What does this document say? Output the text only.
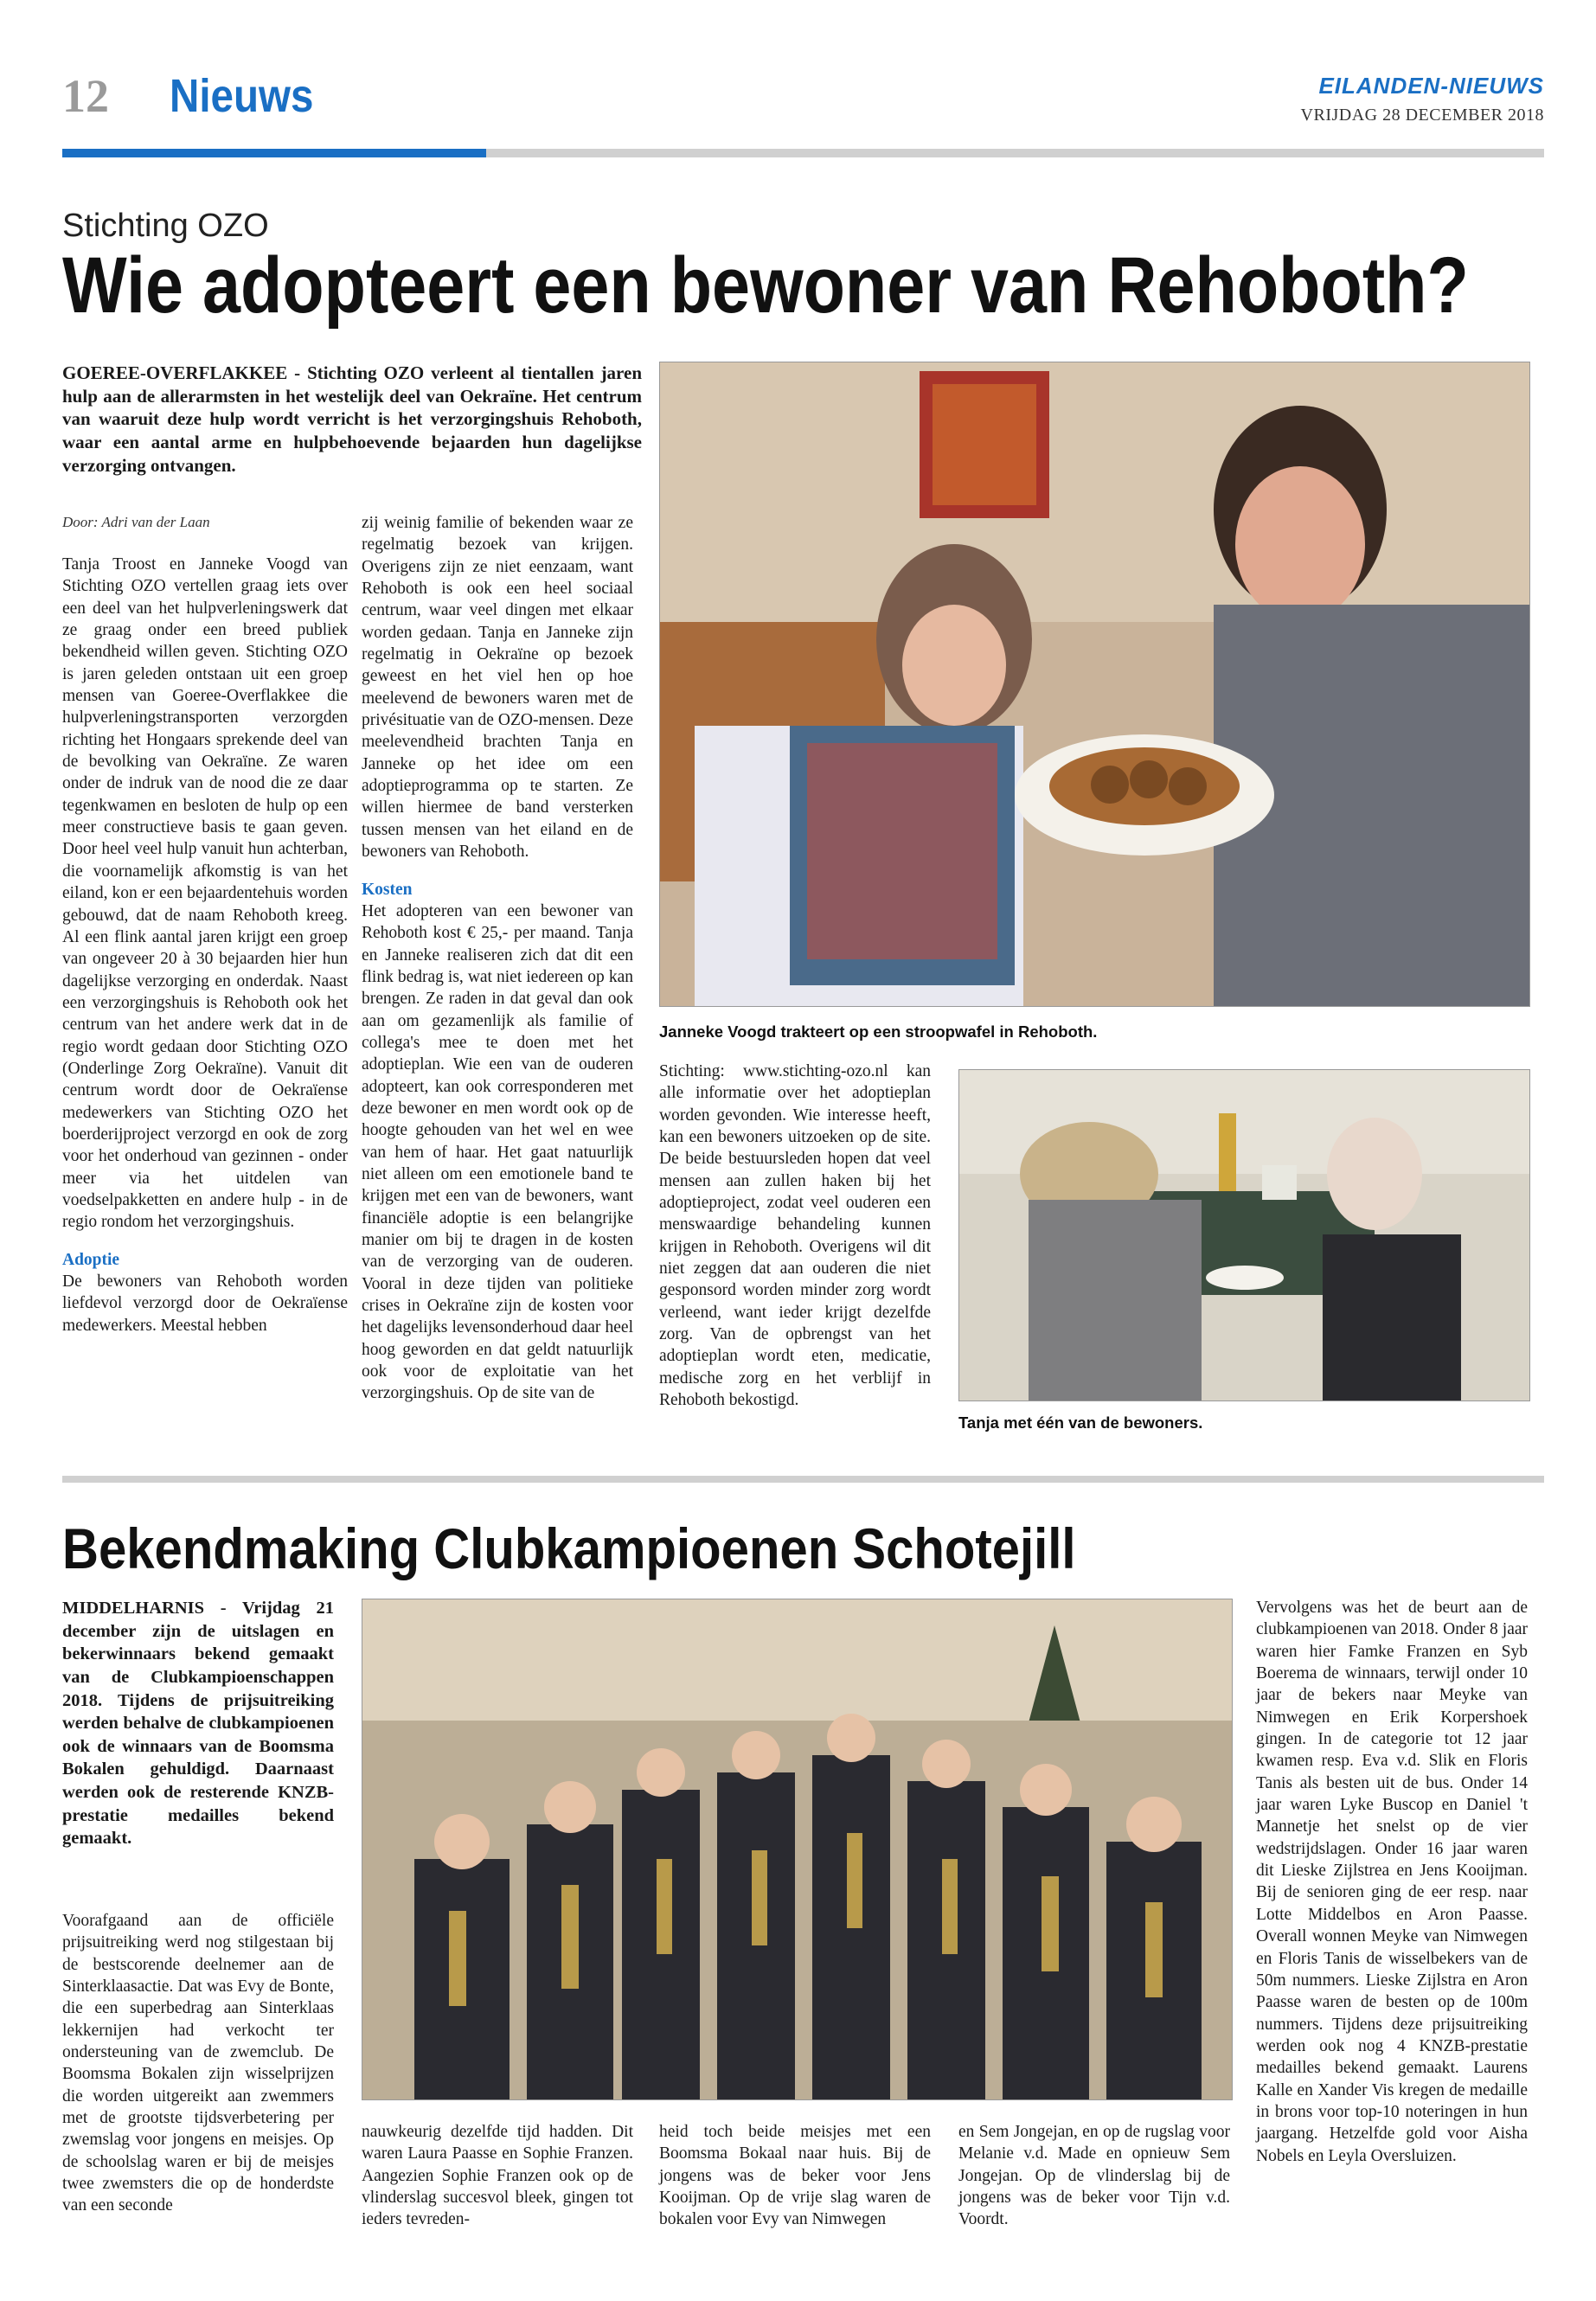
12 Nieuws	EILANDEN-NIEUWS
VRIJDAG 28 DECEMBER 2018
Stichting OZO
Wie adopteert een bewoner van Rehoboth?
GOEREE-OVERFLAKKEE - Stichting OZO verleent al tientallen jaren hulp aan de allerarmsten in het westelijk deel van Oekraïne. Het centrum van waaruit deze hulp wordt verricht is het verzorgingshuis Rehoboth, waar een aantal arme en hulpbehoevende bejaarden hun dagelijkse verzorging ontvangen.
Door: Adri van der Laan

Tanja Troost en Janneke Voogd van Stichting OZO vertellen graag iets over een deel van het hulpverleningswerk dat ze graag onder een breed publiek bekendheid willen geven. Stichting OZO is jaren geleden ontstaan uit een groep mensen van Goeree-Overflakkee die hulpverleningstransporten verzorgden richting het Hongaars sprekende deel van de bevolking van Oekraïne. Ze waren onder de indruk van de nood die ze daar tegenkwamen en besloten de hulp op een meer constructieve basis te gaan geven. Door heel veel hulp vanuit hun achterban, die voornamelijk afkomstig is van het eiland, kon er een bejaardentehuis worden gebouwd, dat de naam Rehoboth kreeg. Al een flink aantal jaren krijgt een groep van ongeveer 20 à 30 bejaarden hier hun dagelijkse verzorging en onderdak. Naast een verzorgingshuis is Rehoboth ook het centrum van het andere werk dat in de regio wordt gedaan door Stichting OZO (Onderlinge Zorg Oekraïne). Vanuit dit centrum wordt door de Oekraïense medewerkers van Stichting OZO het boerderijproject verzorgd en ook de zorg voor het onderhoud van gezinnen - onder meer via het uitdelen van voedselpakketten en andere hulp - in de regio rondom het verzorgingshuis.

Adoptie

De bewoners van Rehoboth worden liefdevol verzorgd door de Oekraïense medewerkers. Meestal hebben

zij weinig familie of bekenden waar ze regelmatig bezoek van krijgen. Overigens zijn ze niet eenzaam, want Rehoboth is ook een heel sociaal centrum, waar veel dingen met elkaar worden gedaan. Tanja en Janneke zijn regelmatig in Oekraïne op bezoek geweest en het viel hen op hoe meelevend de bewoners waren met de privésituatie van de OZO-mensen. Deze meelevendheid brachten Tanja en Janneke op het idee om een adoptieprogramma op te starten. Ze willen hiermee de band versterken tussen mensen van het eiland en de bewoners van Rehoboth.

Kosten

Het adopteren van een bewoner van Rehoboth kost € 25,- per maand. Tanja en Janneke realiseren zich dat dit een flink bedrag is, wat niet iedereen op kan brengen. Ze raden in dat geval dan ook aan om gezamenlijk als familie of collega's mee te doen met het adoptieplan. Wie een van de ouderen adopteert, kan ook corresponderen met deze bewoner en men wordt ook op de hoogte gehouden van het wel en wee van hem of haar. Het gaat natuurlijk niet alleen om een emotionele band te krijgen met een van de bewoners, want financiële adoptie is een belangrijke manier om bij te dragen in de kosten van de verzorging van de ouderen. Vooral in deze tijden van politieke crises in Oekraïne zijn de kosten voor het dagelijks levensonderhoud daar heel hoog geworden en dat geldt natuurlijk ook voor de exploitatie van het verzorgingshuis. Op de site van de

Janneke Voogd trakteert op een stroopwafel in Rehoboth.

Stichting: www.stichting-ozo.nl kan alle informatie over het adoptieplan worden gevonden. Wie interesse heeft, kan een bewoners uitzoeken op de site. De beide bestuursleden hopen dat veel mensen aan zullen haken bij het adoptieproject, zodat veel ouderen een menswaardige behandeling kunnen krijgen in Rehoboth. Overigens wil dit niet zeggen dat aan ouderen die niet gesponsord worden minder zorg wordt verleend, want ieder krijgt dezelfde zorg. Van de opbrengst van het adoptieplan wordt eten, medicatie, medische zorg en het verblijf in Rehoboth bekostigd.

Tanja met één van de bewoners.
Bekendmaking Clubkampioenen Schotejill
MIDDELHARNIS - Vrijdag 21 december zijn de uitslagen en bekerwinnaars bekend gemaakt van de Clubkampioenschappen 2018. Tijdens de prijsuitreiking werden behalve de clubkampioenen ook de winnaars van de Boomsma Bokalen gehuldigd. Daarnaast werden ook de resterende KNZB-prestatie medailles bekend gemaakt.

Voorafgaand aan de officiële prijsuitreiking werd nog stilgestaan bij de bestscorende deelnemer aan de Sinterklaasactie. Dat was Evy de Bonte, die een superbedrag aan Sinterklaas lekkernijen had verkocht ter ondersteuning van de zwemclub. De Boomsma Bokalen zijn wisselprijzen die worden uitgereikt aan zwemmers met de grootste tijdsverbetering per zwemslag voor jongens en meisjes. Op de schoolslag waren er bij de meisjes twee zwemsters die op de honderdste van een seconde

nauwkeurig dezelfde tijd hadden. Dit waren Laura Paasse en Sophie Franzen. Aangezien Sophie Franzen ook op de vlinderslag succesvol bleek, gingen tot ieders tevreden-

heid toch beide meisjes met een Boomsma Bokaal naar huis. Bij de jongens was de beker voor Jens Kooijman. Op de vrije slag waren de bokalen voor Evy van Nimwegen

en Sem Jongejan, en op de rugslag voor Melanie v.d. Made en opnieuw Sem Jongejan. Op de vlinderslag bij de jongens was de beker voor Tijn v.d. Voordt.

Vervolgens was het de beurt aan de clubkampioenen van 2018. Onder 8 jaar waren hier Famke Franzen en Syb Boerema de winnaars, terwijl onder 10 jaar de bekers naar Meyke van Nimwegen en Erik Korpershoek gingen. In de categorie tot 12 jaar kwamen resp. Eva v.d. Slik en Floris Tanis als besten uit de bus. Onder 14 jaar waren Lyke Buscop en Daniel 't Mannetje het snelst op de vier wedstrijdslagen. Onder 16 jaar waren dit Lieske Zijlstrea en Jens Kooijman. Bij de senioren ging de eer resp. naar Lotte Middelbos en Aron Paasse. Overall wonnen Meyke van Nimwegen en Floris Tanis de wisselbekers van de 50m nummers. Lieske Zijlstra en Aron Paasse waren de besten op de 100m nummers. Tijdens deze prijsuitreiking werden ook nog 4 KNZB-prestatie medailles bekend gemaakt. Laurens Kalle en Xander Vis kregen de medaille in brons voor top-10 noteringen in hun jaargang. Hetzelfde gold voor Aisha Nobels en Leyla Oversluizen.
